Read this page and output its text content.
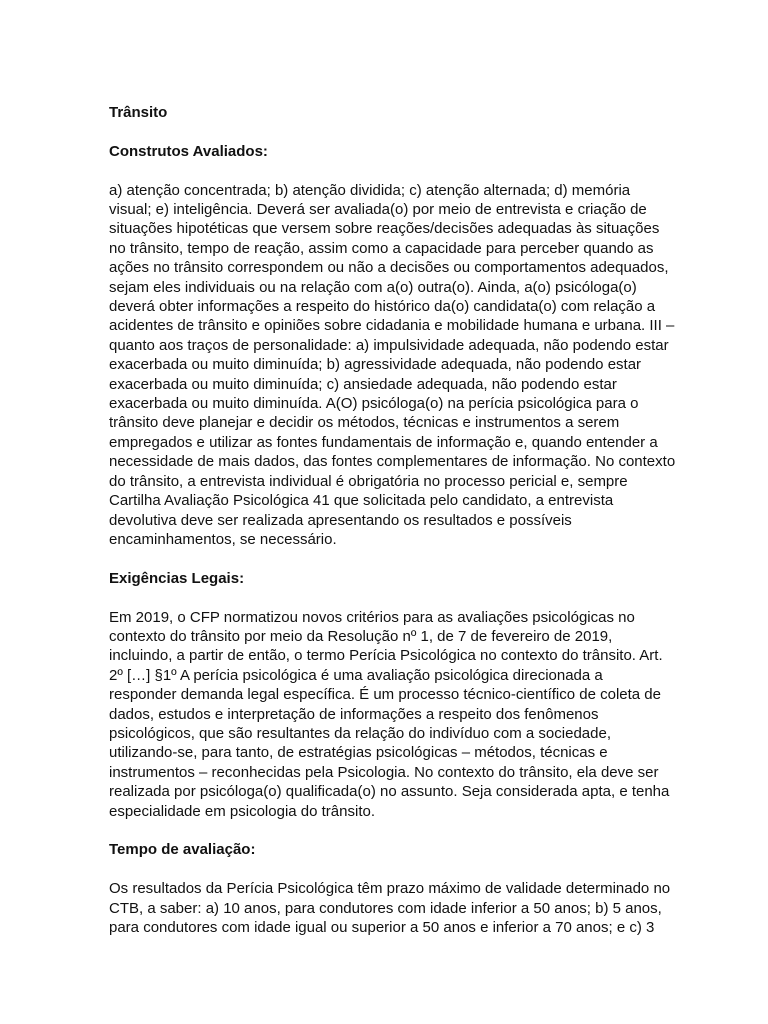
Trânsito

Construtos Avaliados:

a) atenção concentrada; b) atenção dividida; c) atenção alternada; d) memória
visual; e) inteligência. Deverá ser avaliada(o) por meio de entrevista e criação de
situações hipotéticas que versem sobre reações/decisões adequadas às situações
no trânsito, tempo de reação, assim como a capacidade para perceber quando as
ações no trânsito correspondem ou não a decisões ou comportamentos adequados,
sejam eles individuais ou na relação com a(o) outra(o). Ainda, a(o) psicóloga(o)
deverá obter informações a respeito do histórico da(o) candidata(o) com relação a
acidentes de trânsito e opiniões sobre cidadania e mobilidade humana e urbana. III –
quanto aos traços de personalidade: a) impulsividade adequada, não podendo estar
exacerbada ou muito diminuída; b) agressividade adequada, não podendo estar
exacerbada ou muito diminuída; c) ansiedade adequada, não podendo estar
exacerbada ou muito diminuída. A(O) psicóloga(o) na perícia psicológica para o
trânsito deve planejar e decidir os métodos, técnicas e instrumentos a serem
empregados e utilizar as fontes fundamentais de informação e, quando entender a
necessidade de mais dados, das fontes complementares de informação. No contexto
do trânsito, a entrevista individual é obrigatória no processo pericial e, sempre
Cartilha Avaliação Psicológica 41 que solicitada pelo candidato, a entrevista
devolutiva deve ser realizada apresentando os resultados e possíveis
encaminhamentos, se necessário.

Exigências Legais:

Em 2019, o CFP normatizou novos critérios para as avaliações psicológicas no
contexto do trânsito por meio da Resolução nº 1, de 7 de fevereiro de 2019,
incluindo, a partir de então, o termo Perícia Psicológica no contexto do trânsito. Art.
2º […] §1º A perícia psicológica é uma avaliação psicológica direcionada a
responder demanda legal específica. É um processo técnico-científico de coleta de
dados, estudos e interpretação de informações a respeito dos fenômenos
psicológicos, que são resultantes da relação do indivíduo com a sociedade,
utilizando-se, para tanto, de estratégias psicológicas – métodos, técnicas e
instrumentos – reconhecidas pela Psicologia. No contexto do trânsito, ela deve ser
realizada por psicóloga(o) qualificada(o) no assunto. Seja considerada apta, e tenha
especialidade em psicologia do trânsito.

Tempo de avaliação:

Os resultados da Perícia Psicológica têm prazo máximo de validade determinado no
CTB, a saber: a) 10 anos, para condutores com idade inferior a 50 anos; b) 5 anos,
para condutores com idade igual ou superior a 50 anos e inferior a 70 anos; e c) 3
